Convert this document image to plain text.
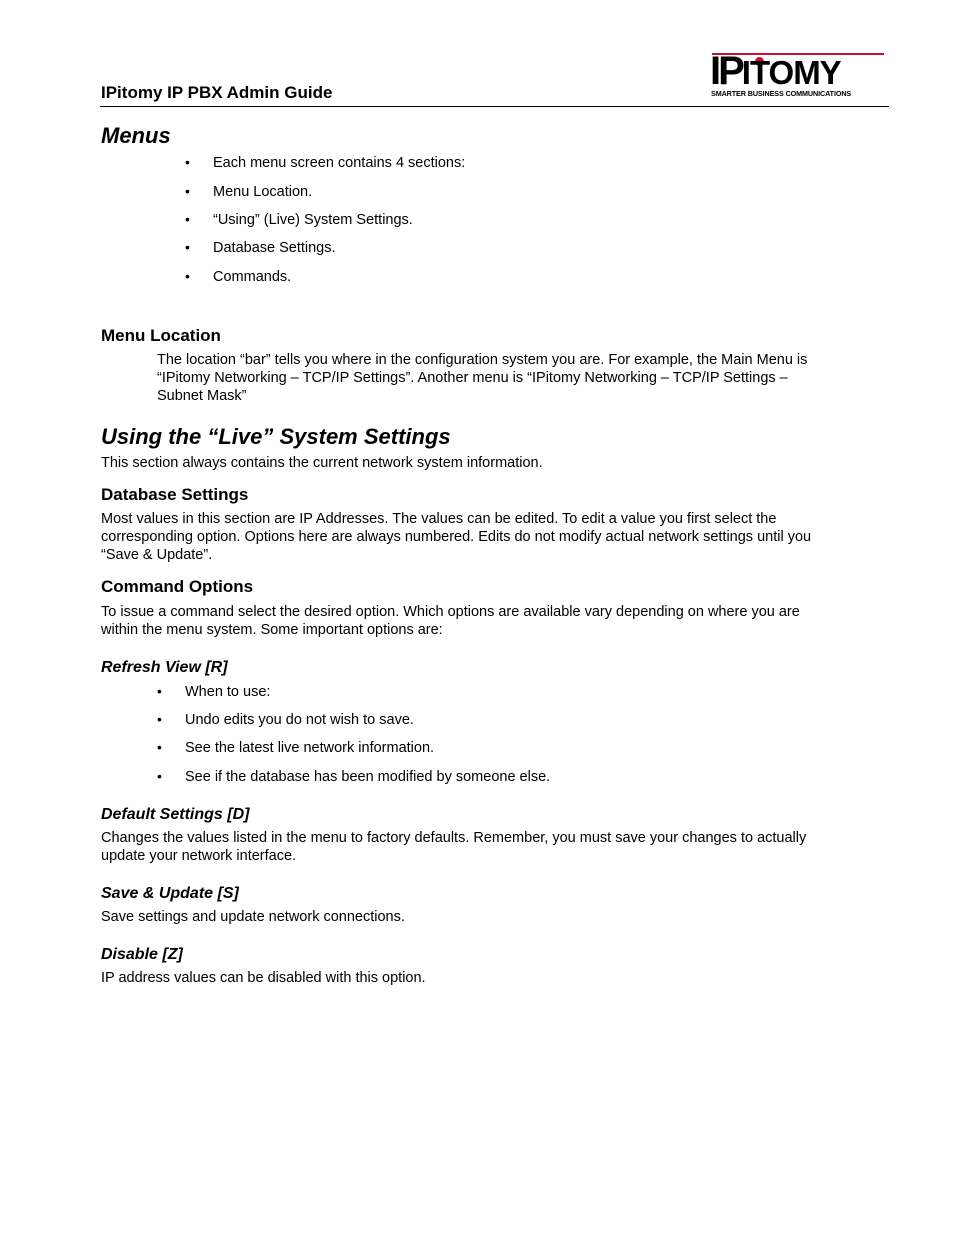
IPitomy IP PBX Admin Guide	IPITOMY
SMARTER BUSINESS COMMUNICATIONS
Menus
• Each menu screen contains 4 sections:
• Menu Location.
• “Using” (Live) System Settings.
• Database Settings.
• Commands.
Menu Location
The location “bar” tells you where in the configuration system you are. For example, the Main Menu is
“IPitomy Networking – TCP/IP Settings”. Another menu is “IPitomy Networking – TCP/IP Settings –
Subnet Mask”
Using the “Live” System Settings
This section always contains the current network system information.
Database Settings
Most values in this section are IP Addresses. The values can be edited. To edit a value you first select the
corresponding option. Options here are always numbered. Edits do not modify actual network settings until you
“Save & Update”.
Command Options
To issue a command select the desired option. Which options are available vary depending on where you are
within the menu system. Some important options are:
Refresh View [R]
• When to use:
• Undo edits you do not wish to save.
• See the latest live network information.
• See if the database has been modified by someone else.
Default Settings [D]
Changes the values listed in the menu to factory defaults. Remember, you must save your changes to actually
update your network interface.
Save & Update [S]
Save settings and update network connections.
Disable [Z]
IP address values can be disabled with this option.
